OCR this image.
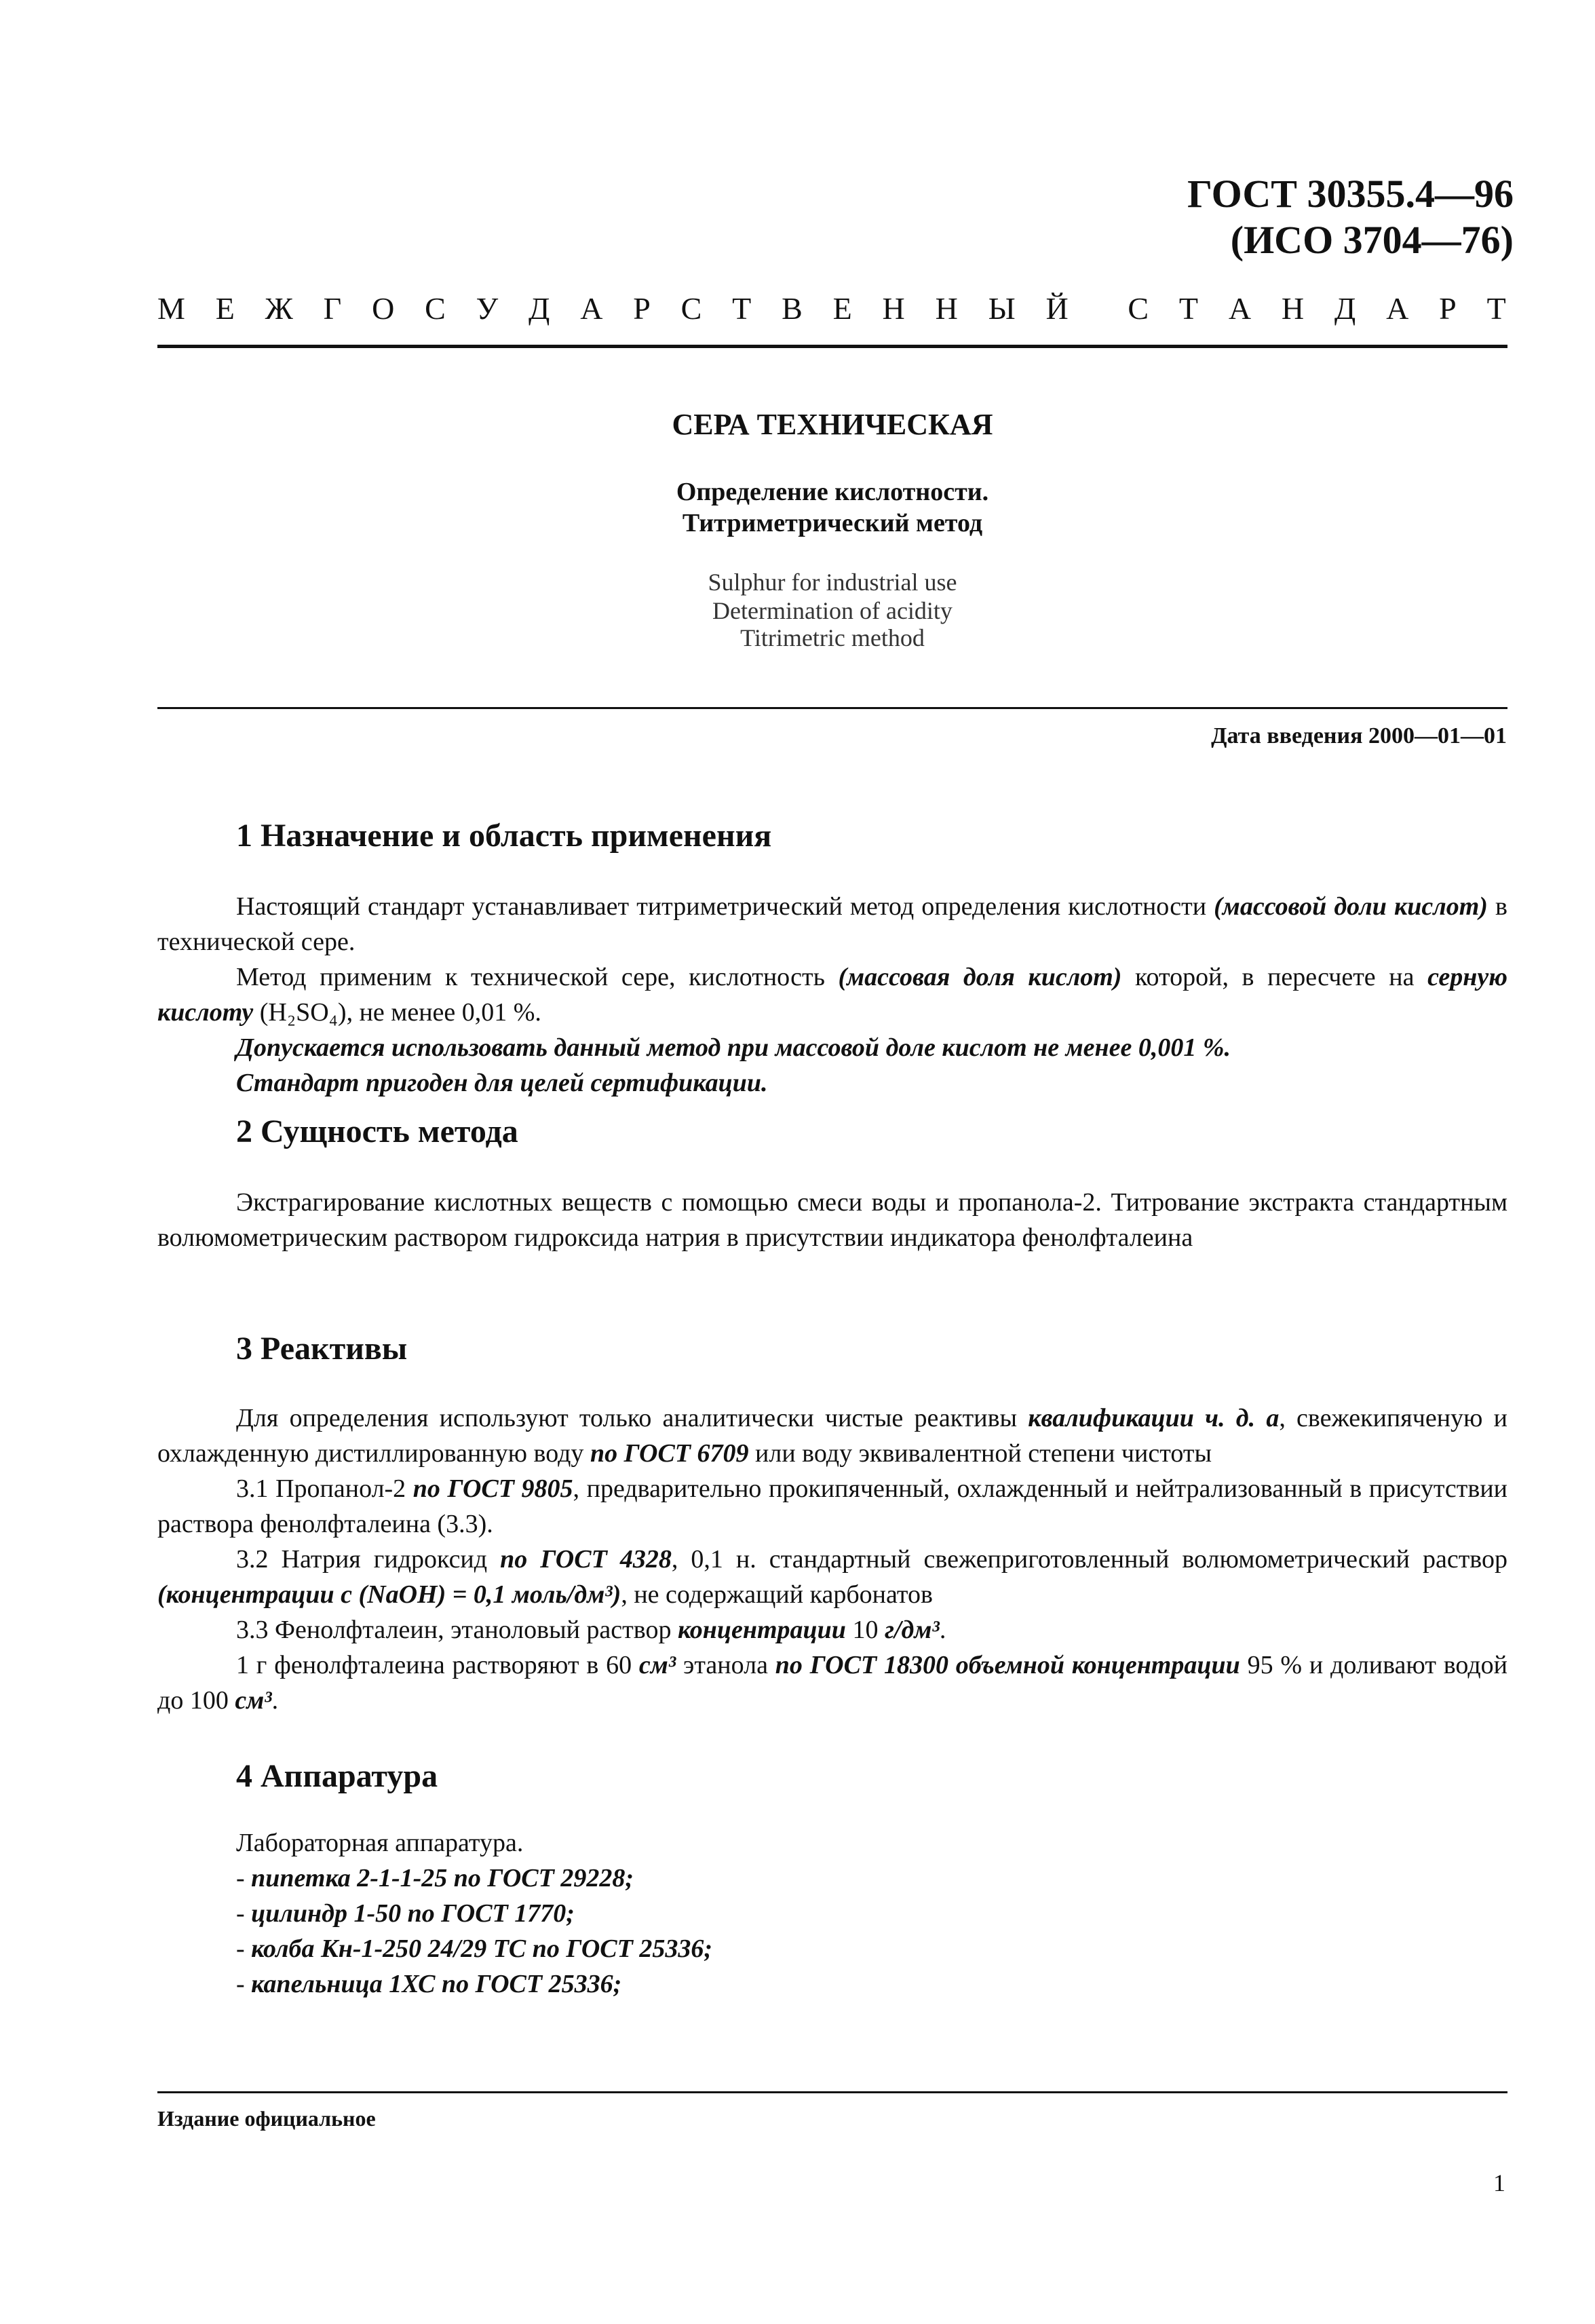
ГОСТ 30355.4—96
(ИСО 3704—76)
М Е Ж Г О С У Д А Р С Т В Е Н Н Ы Й С Т А Н Д А Р Т
СЕРА ТЕХНИЧЕСКАЯ
Определение кислотности.
Титриметрический метод
Sulphur for industrial use
Determination of acidity
Titrimetric method
Дата введения 2000—01—01
1 Назначение и область применения

Настоящий стандарт устанавливает титриметрический метод определения кислотности (массовой доли кислот) в технической сере.

Метод применим к технической сере, кислотность (массовая доля кислот) которой, в пересчете на серную кислоту (H₂SO₄), не менее 0,01 %.

Допускается использовать данный метод при массовой доле кислот не менее 0,001 %.

Стандарт пригоден для целей сертификации.

2 Сущность метода

Экстрагирование кислотных веществ с помощью смеси воды и пропанола-2. Титрование экстракта стандартным волюмометрическим раствором гидроксида натрия в присутствии индикатора фенолфталеина

3 Реактивы

Для определения используют только аналитически чистые реактивы квалификации ч. д. а, свежекипяченую и охлажденную дистиллированную воду по ГОСТ 6709 или воду эквивалентной степени чистоты

3.1 Пропанол-2 по ГОСТ 9805, предварительно прокипяченный, охлажденный и нейтрализованный в присутствии раствора фенолфталеина (3.3).

3.2 Натрия гидроксид по ГОСТ 4328, 0,1 н. стандартный свежеприготовленный волюмометрический раствор (концентрации с (NaOH) = 0,1 моль/дм³), не содержащий карбонатов

3.3 Фенолфталеин, этаноловый раствор концентрации 10 г/дм³.

1 г фенолфталеина растворяют в 60 см³ этанола по ГОСТ 18300 объемной концентрации 95 % и доливают водой до 100 см³.

4 Аппаратура
Лабораторная аппаратура.
- пипетка 2-1-1-25 по ГОСТ 29228;
- цилиндр 1-50 по ГОСТ 1770;
- колба Кн-1-250 24/29 ТС по ГОСТ 25336;
- капельница 1ХС по ГОСТ 25336;
Издание официальное
1
